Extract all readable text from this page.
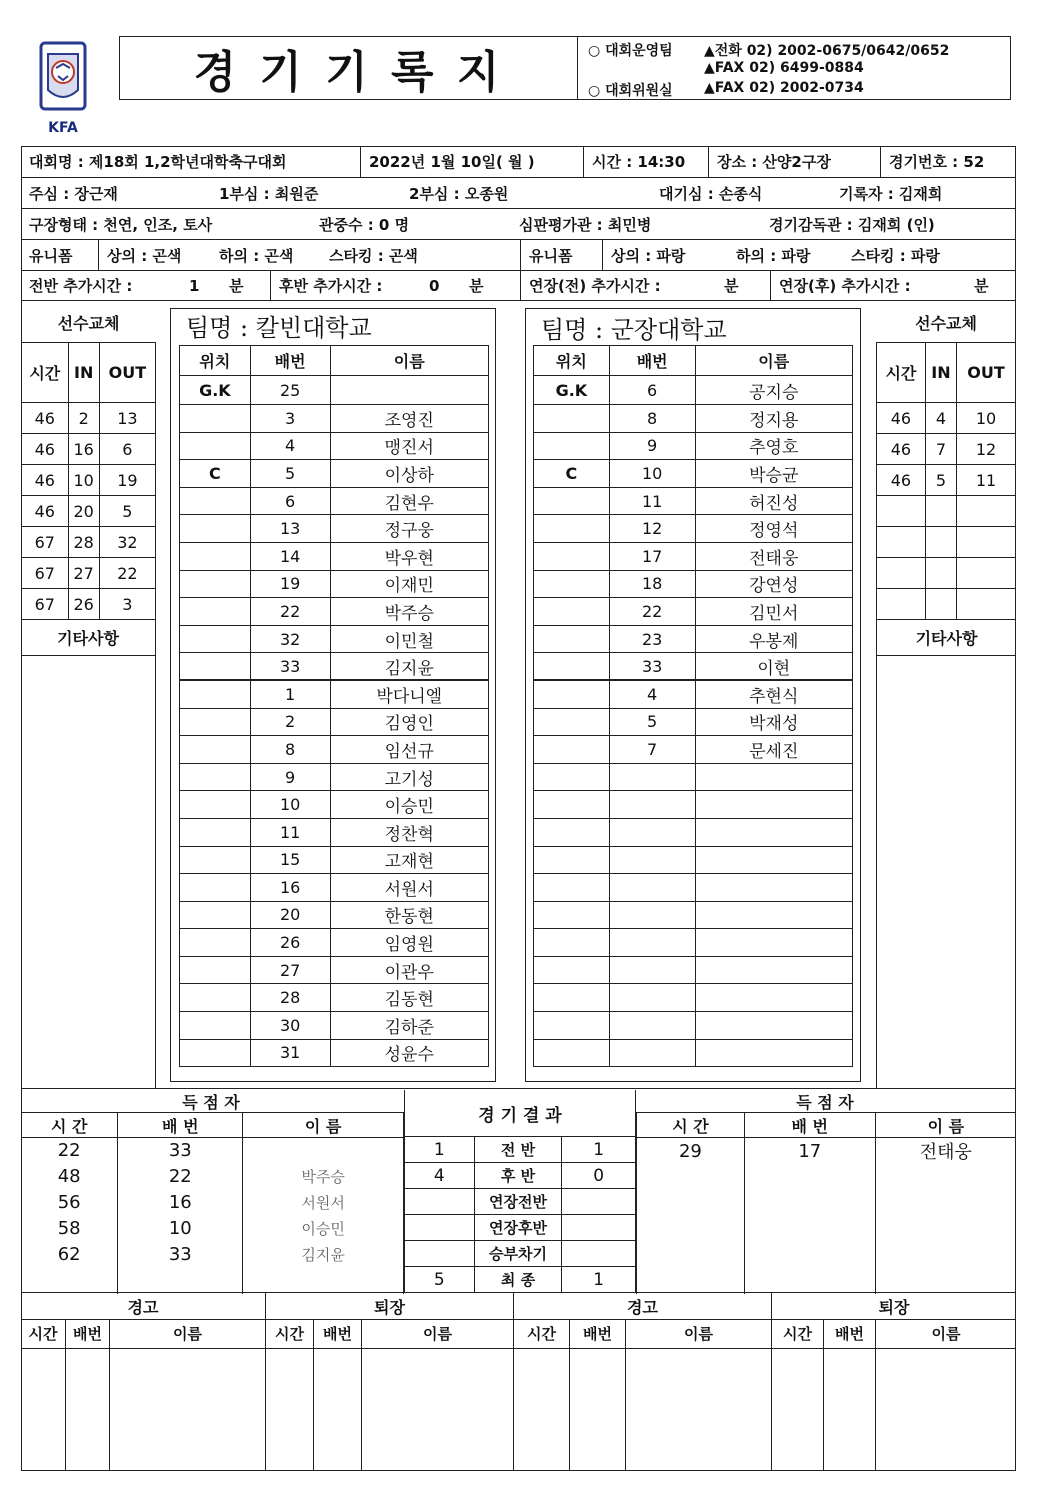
KFA
경 기 기 록 지	○ 대회운영팀 ▲전화 02) 2002-0675/0642/0652
▲FAX 02) 6499-0884
○ 대회위원실 ▲FAX 02) 2002-0734
대회명 : 제18회 1,2학년대학축구대회	2022년 1월 10일( 월 )	시간 : 14:30	장소 : 산양2구장	경기번호 : 52
주심 : 장근재	1부심 : 최원준	2부심 : 오종원	대기심 : 손종식	기록자 : 김재희
구장형태 : 천연, 인조, 토사	관중수 : 0 명	심판평가관 : 최민병	경기감독관 : 김재희 (인)
유니폼	상의 : 곤색	하의 : 곤색	스타킹 : 곤색	유니폼	상의 : 파랑	하의 : 파랑	스타킹 : 파랑
전반 추가시간 :	1	분	후반 추가시간 :	0	분	연장(전) 추가시간 :	분	연장(후) 추가시간 :	분
선수교체
시간	IN	OUT
46	2	13
46	16	6
46	10	19
46	20	5
67	28	32
67	27	22
67	26	3
기타사항
선수교체
시간	IN	OUT
46	4	10
46	7	12
46	5	11

기타사항
팀명 : 칼빈대학교
위치	배번	이름
G.K	25	
	3	조영진
	4	맹진서
C	5	이상하
	6	김현우
	13	정구웅
	14	박우현
	19	이재민
	22	박주승
	32	이민철
	33	김지윤
	1	박다니엘
	2	김영인
	8	임선규
	9	고기성
	10	이승민
	11	정찬혁
	15	고재현
	16	서원서
	20	한동현
	26	임영원
	27	이관우
	28	김동현
	30	김하준
	31	성윤수
팀명 : 군장대학교
위치	배번	이름
G.K	6	공지승
	8	정지용
	9	추영호
C	10	박승균
	11	허진성
	12	정영석
	17	전태웅
	18	강연성
	22	김민서
	23	우봉제
	33	이현
	4	추현식
	5	박재성
	7	문세진

득 점 자
시 간	배 번	이 름
22	33	
48	22	박주승
56	16	서원서
58	10	이승민
62	33	김지윤

경 기 결 과
1	전 반	1
4	후 반	0
	연장전반	
	연장후반	
	승부차기	
5	최 종	1
득 점 자
시 간	배 번	이 름
29	17	전태웅

경고	퇴장	경고	퇴장
시간	배번	이름	시간	배번	이름	시간	배번	이름	시간	배번	이름
